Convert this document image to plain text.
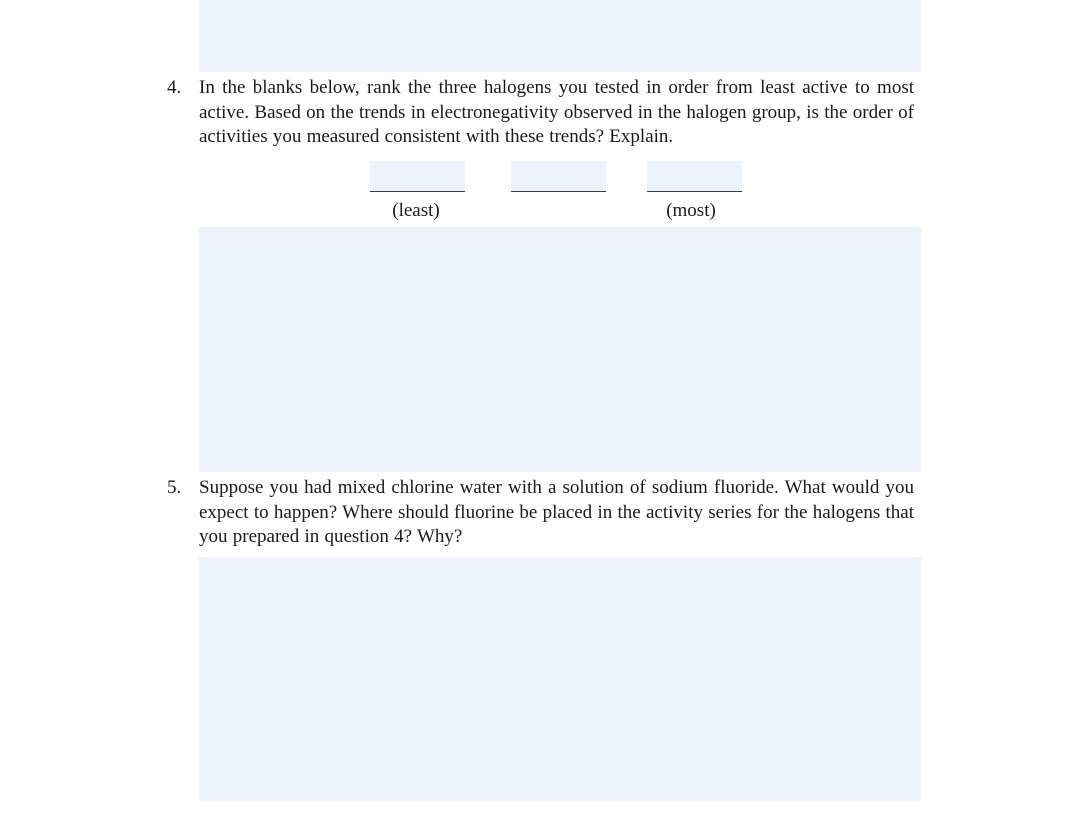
4. In the blanks below, rank the three halogens you tested in order from least active to most active. Based on the trends in electronegativity observed in the halogen group, is the order of activities you measured consistent with these trends? Explain.
(least)	(most)
5. Suppose you had mixed chlorine water with a solution of sodium fluoride. What would you expect to happen? Where should fluorine be placed in the activity series for the halogens that you prepared in question 4? Why?
